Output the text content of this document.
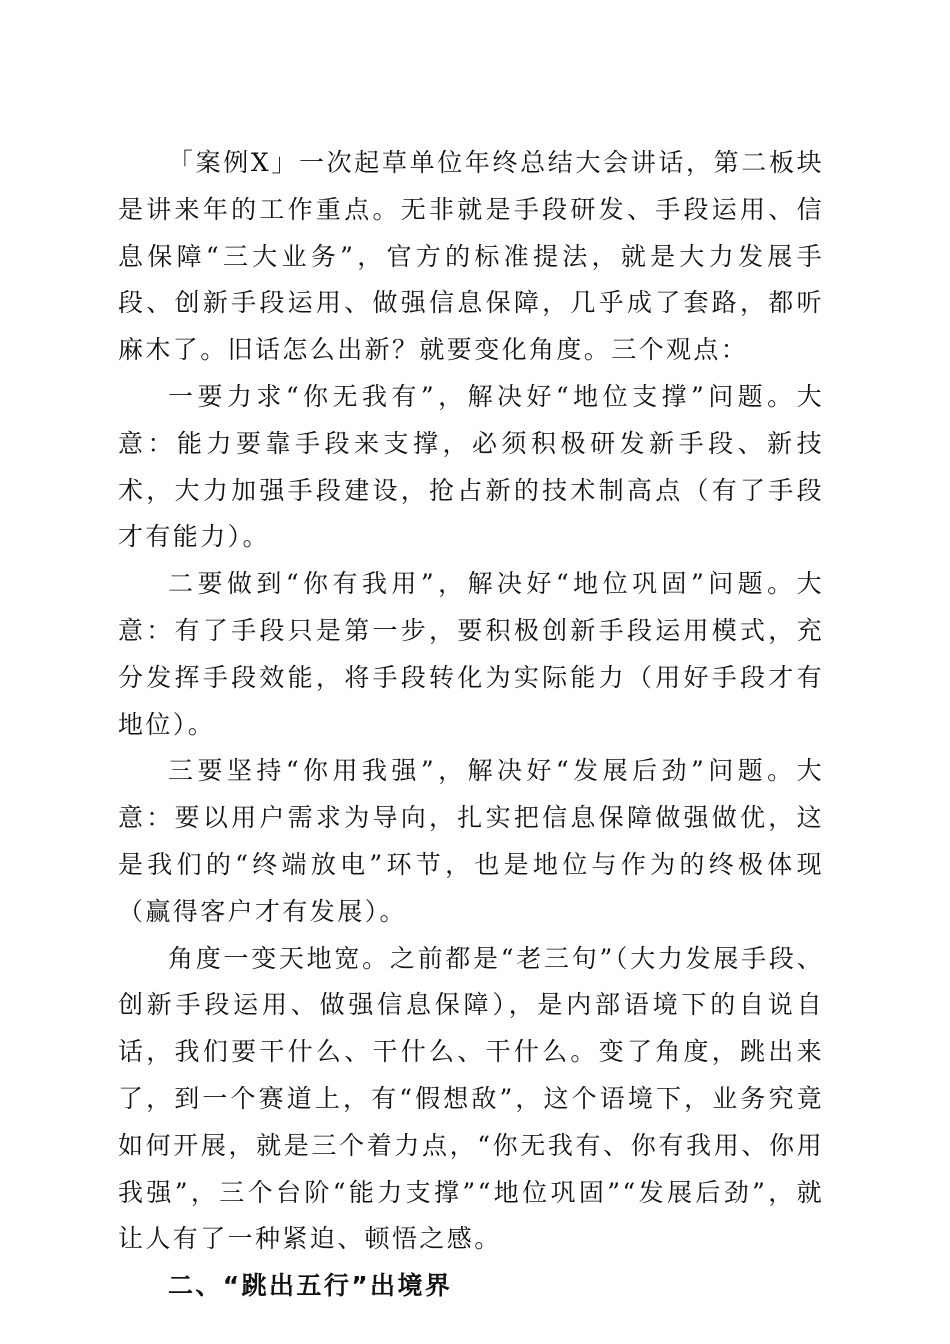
「案例Ⅹ」一次起草单位年终总结大会讲话，第二板块是讲来年的工作重点。无非就是手段研发、手段运用、信息保障“三大业务”，官方的标准提法，就是大力发展手段、创新手段运用、做强信息保障，几乎成了套路，都听麻木了。旧话怎么出新？就要变化角度。三个观点：

一要力求“你无我有”，解决好“地位支撑”问题。大意：能力要靠手段来支撑，必须积极研发新手段、新技术，大力加强手段建设，抢占新的技术制高点（有了手段才有能力）。

二要做到“你有我用”，解决好“地位巩固”问题。大意：有了手段只是第一步，要积极创新手段运用模式，充分发挥手段效能，将手段转化为实际能力（用好手段才有地位）。

三要坚持“你用我强”，解决好“发展后劲”问题。大意：要以用户需求为导向，扎实把信息保障做强做优，这是我们的“终端放电”环节，也是地位与作为的终极体现（赢得客户才有发展）。

角度一变天地宽。之前都是“老三句”（大力发展手段、创新手段运用、做强信息保障），是内部语境下的自说自话，我们要干什么、干什么、干什么。变了角度，跳出来了，到一个赛道上，有“假想敌”，这个语境下，业务究竟如何开展，就是三个着力点，“你无我有、你有我用、你用我强”，三个台阶“能力支撑”“地位巩固”“发展后劲”，就让人有了一种紧迫、顿悟之感。

二、“跳出五行”出境界
